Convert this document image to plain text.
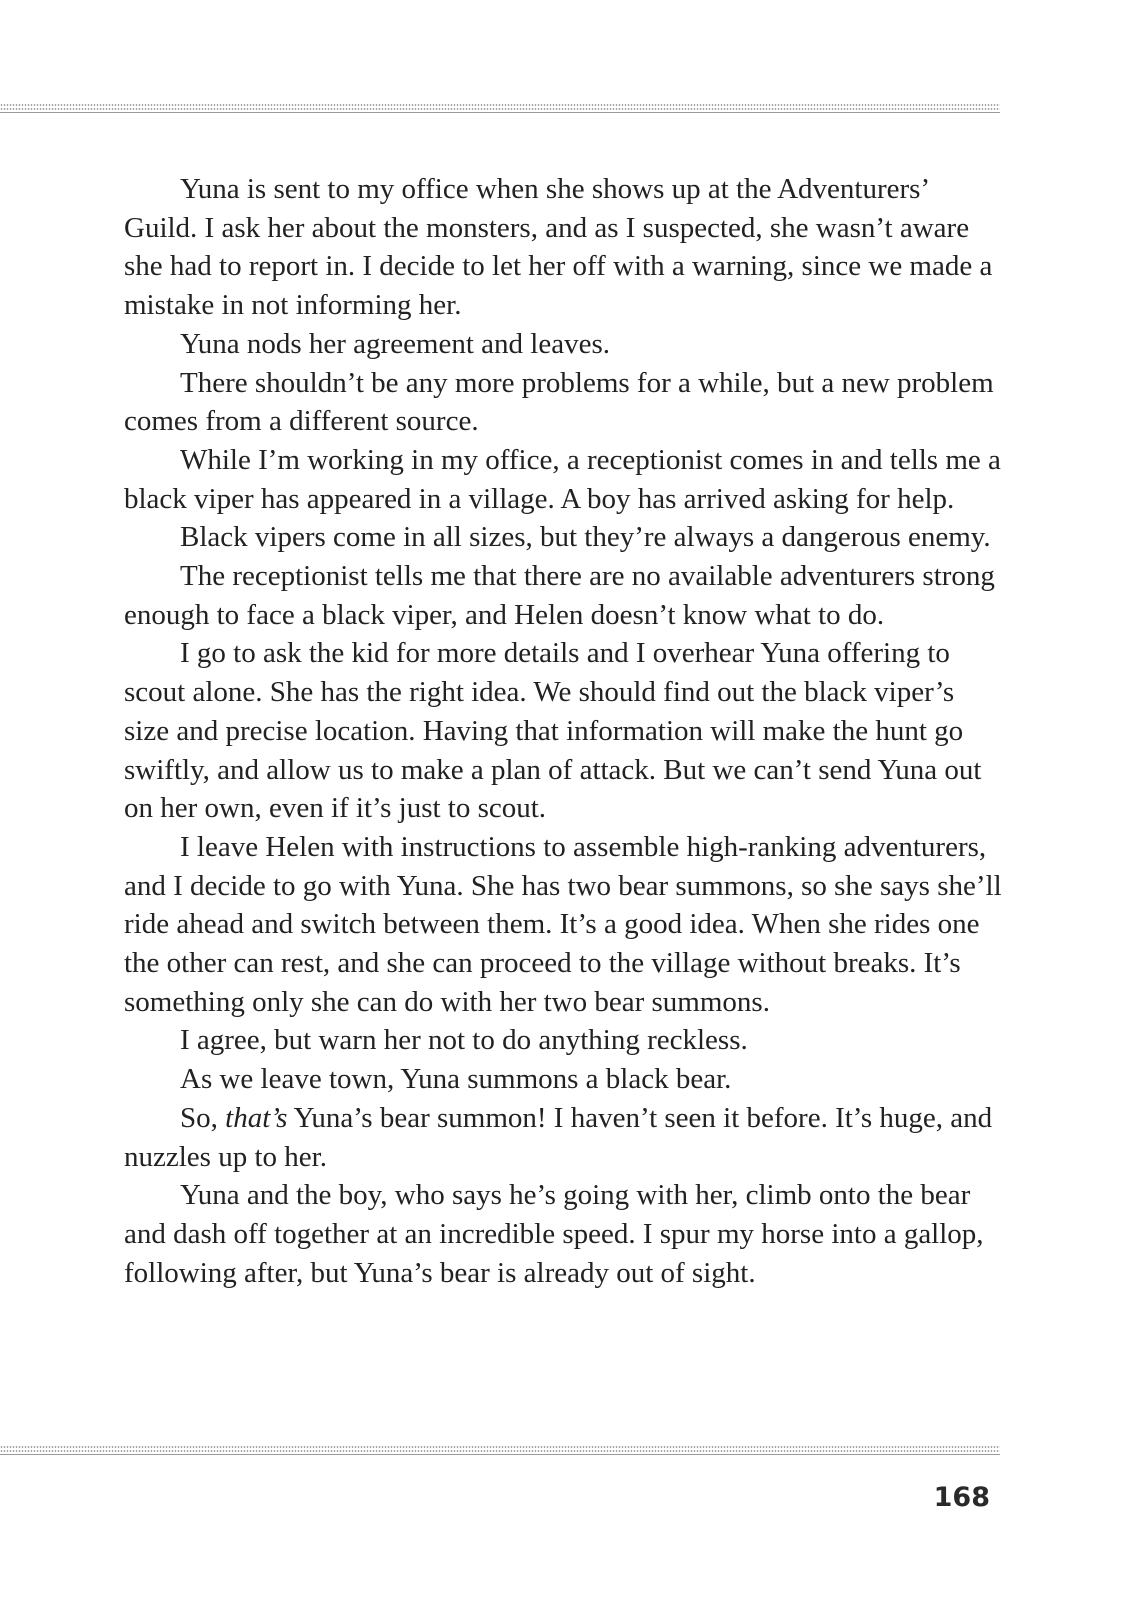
Yuna is sent to my office when she shows up at the Adventurers’ Guild. I ask her about the monsters, and as I suspected, she wasn’t aware she had to report in. I decide to let her off with a warning, since we made a mistake in not informing her.

Yuna nods her agreement and leaves.

There shouldn’t be any more problems for a while, but a new problem comes from a different source.

While I’m working in my office, a receptionist comes in and tells me a black viper has appeared in a village. A boy has arrived asking for help.

Black vipers come in all sizes, but they’re always a dangerous enemy.

The receptionist tells me that there are no available adventurers strong enough to face a black viper, and Helen doesn’t know what to do.

I go to ask the kid for more details and I overhear Yuna offering to scout alone. She has the right idea. We should find out the black viper’s size and precise location. Having that information will make the hunt go swiftly, and allow us to make a plan of attack. But we can’t send Yuna out on her own, even if it’s just to scout.

I leave Helen with instructions to assemble high-ranking adventurers, and I decide to go with Yuna. She has two bear summons, so she says she’ll ride ahead and switch between them. It’s a good idea. When she rides one the other can rest, and she can proceed to the village without breaks. It’s something only she can do with her two bear summons.

I agree, but warn her not to do anything reckless.

As we leave town, Yuna summons a black bear.

So, that’s Yuna’s bear summon! I haven’t seen it before. It’s huge, and nuzzles up to her.

Yuna and the boy, who says he’s going with her, climb onto the bear and dash off together at an incredible speed. I spur my horse into a gallop, following after, but Yuna’s bear is already out of sight.

168
